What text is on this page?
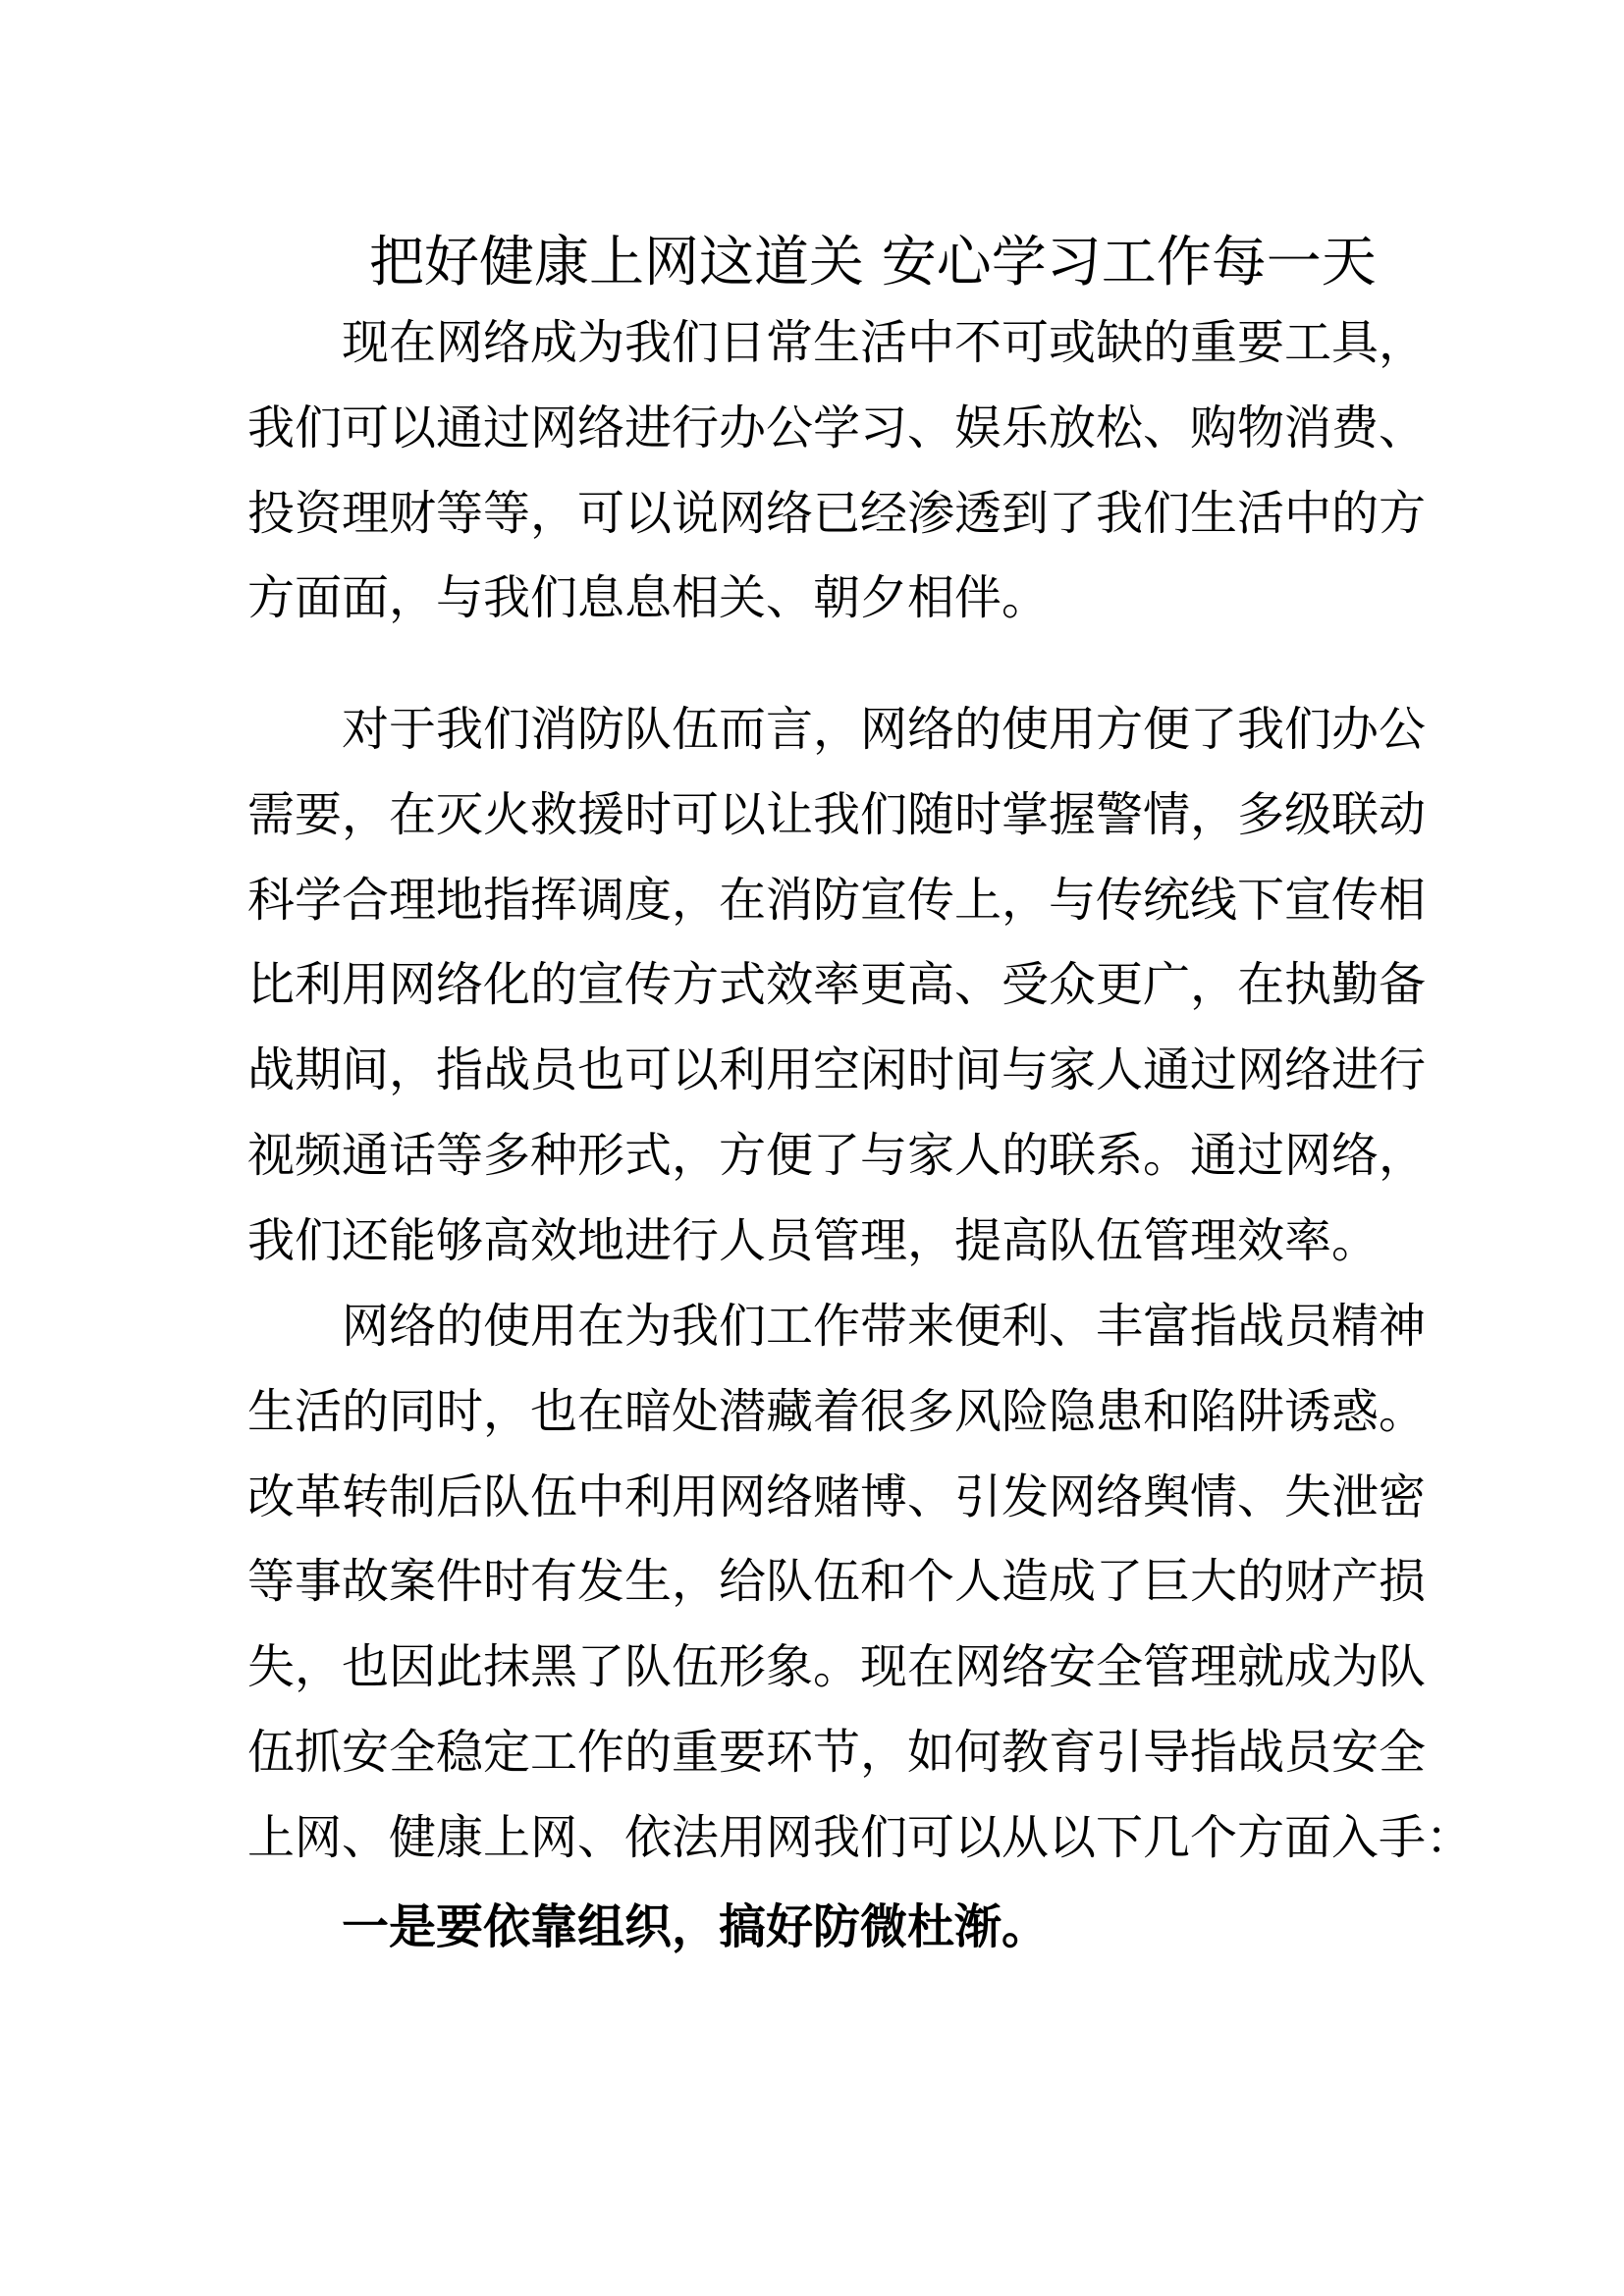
把好健康上网这道关 安心学习工作每一天
现在网络成为我们日常生活中不可或缺的重要工具，
我们可以通过网络进行办公学习、娱乐放松、购物消费、
投资理财等等，可以说网络已经渗透到了我们生活中的方
方面面，与我们息息相关、朝夕相伴。
对于我们消防队伍而言，网络的使用方便了我们办公
需要，在灭火救援时可以让我们随时掌握警情，多级联动
科学合理地指挥调度，在消防宣传上，与传统线下宣传相
比利用网络化的宣传方式效率更高、受众更广，在执勤备
战期间，指战员也可以利用空闲时间与家人通过网络进行
视频通话等多种形式，方便了与家人的联系。通过网络，
我们还能够高效地进行人员管理，提高队伍管理效率。
网络的使用在为我们工作带来便利、丰富指战员精神
生活的同时，也在暗处潜藏着很多风险隐患和陷阱诱惑。
改革转制后队伍中利用网络赌博、引发网络舆情、失泄密
等事故案件时有发生，给队伍和个人造成了巨大的财产损
失，也因此抹黑了队伍形象。现在网络安全管理就成为队
伍抓安全稳定工作的重要环节，如何教育引导指战员安全
上网、健康上网、依法用网我们可以从以下几个方面入手：
一是要依靠组织，搞好防微杜渐。
